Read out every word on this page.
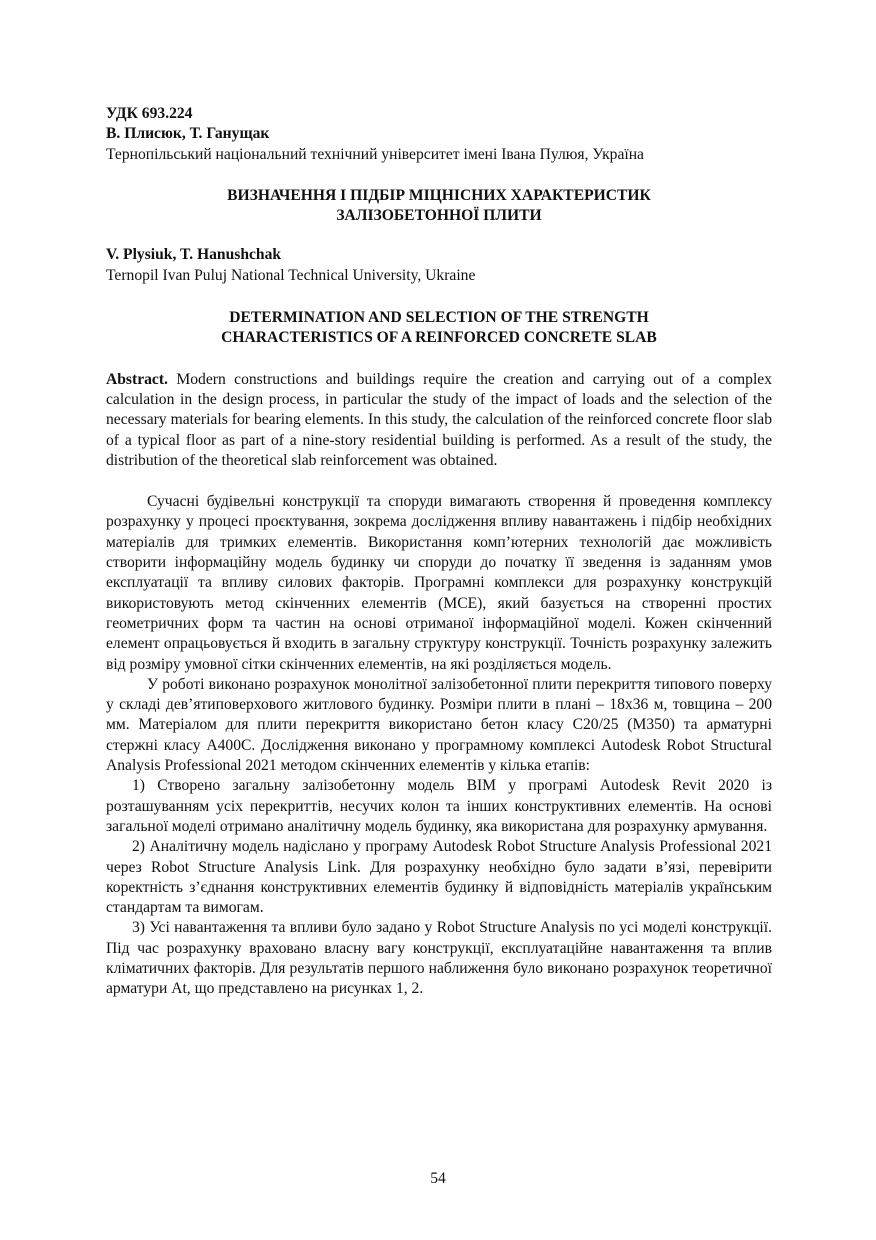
УДК 693.224

В. Плисюк, Т. Ганущак

Тернопільський національний технічний університет імені Івана Пулюя, Україна

ВИЗНАЧЕННЯ І ПІДБІР МІЦНІСНИХ ХАРАКТЕРИСТИК

ЗАЛІЗОБЕТОННОЇ ПЛИТИ

V. Plysiuk, T. Hanushchak

Ternopil Ivan Puluj National Technical University, Ukraine

DETERMINATION AND SELECTION OF THE STRENGTH

CHARACTERISTICS OF A REINFORCED CONCRETE SLAB

Abstract. Modern constructions and buildings require the creation and carrying out of a complex calculation in the design process, in particular the study of the impact of loads and the selection of the necessary materials for bearing elements. In this study, the calculation of the reinforced concrete floor slab of a typical floor as part of a nine-story residential building is performed. As a result of the study, the distribution of the theoretical slab reinforcement was obtained.

Сучасні будівельні конструкції та споруди вимагають створення й проведення комплексу розрахунку у процесі проєктування, зокрема дослідження впливу навантажень і підбір необхідних матеріалів для тримких елементів. Використання комп’ютерних технологій дає можливість створити інформаційну модель будинку чи споруди до початку її зведення із заданням умов експлуатації та впливу силових факторів. Програмні комплекси для розрахунку конструкцій використовують метод скінченних елементів (МСЕ), який базується на створенні простих геометричних форм та частин на основі отриманої інформаційної моделі. Кожен скінченний елемент опрацьовується й входить в загальну структуру конструкції. Точність розрахунку залежить від розміру умовної сітки скінченних елементів, на які розділяється модель.

У роботі виконано розрахунок монолітної залізобетонної плити перекриття типового поверху у складі дев’ятиповерхового житлового будинку. Розміри плити в плані – 18х36 м, товщина – 200 мм. Матеріалом для плити перекриття використано бетон класу С20/25 (М350) та арматурні стержні класу А400С. Дослідження виконано у програмному комплексі Autodesk Robot Structural Analysis Professional 2021 методом скінченних елементів у кілька етапів:

1) Створено загальну залізобетонну модель BIM у програмі Autodesk Revit 2020 із розташуванням усіх перекриттів, несучих колон та інших конструктивних елементів. На основі загальної моделі отримано аналітичну модель будинку, яка використана для розрахунку армування.

2) Аналітичну модель надіслано у програму Autodesk Robot Structure Analysis Professional 2021 через Robot Structure Analysis Link. Для розрахунку необхідно було задати в’язі, перевірити коректність з’єднання конструктивних елементів будинку й відповідність матеріалів українським стандартам та вимогам.

3) Усі навантаження та впливи було задано у Robot Structure Analysis по усі моделі конструкції. Під час розрахунку враховано власну вагу конструкції, експлуатаційне навантаження та вплив кліматичних факторів. Для результатів першого наближення було виконано розрахунок теоретичної арматури At, що представлено на рисунках 1, 2.

54
